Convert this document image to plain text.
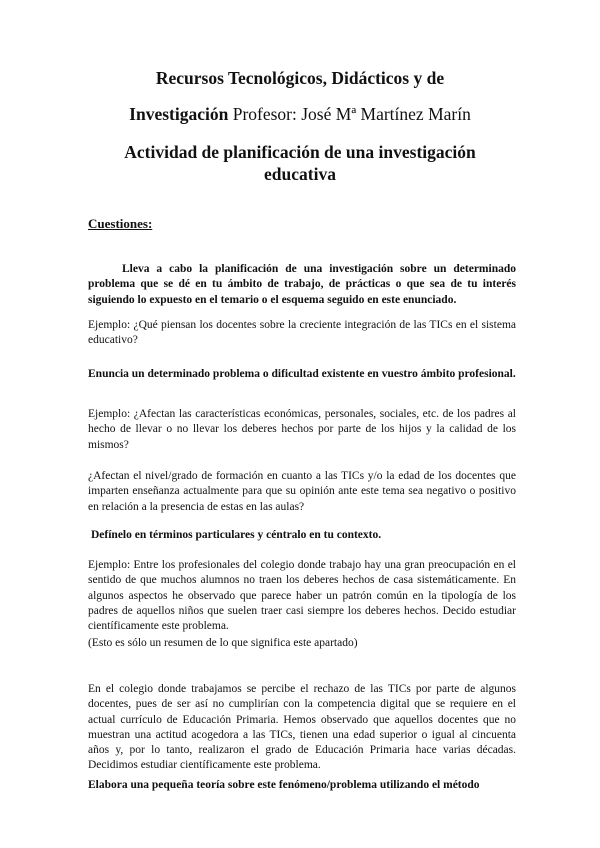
Recursos Tecnológicos, Didácticos y de
Investigación Profesor: José Mª Martínez Marín
Actividad de planificación de una investigación
educativa
Cuestiones:

Lleva a cabo la planificación de una investigación sobre un determinado problema que se dé en tu ámbito de trabajo, de prácticas o que sea de tu interés siguiendo lo expuesto en el temario o el esquema seguido en este enunciado.

Ejemplo: ¿Qué piensan los docentes sobre la creciente integración de las TICs en el sistema educativo?

Enuncia un determinado problema o dificultad existente en vuestro ámbito profesional.

Ejemplo: ¿Afectan las características económicas, personales, sociales, etc. de los padres al hecho de llevar o no llevar los deberes hechos por parte de los hijos y la calidad de los mismos?

¿Afectan el nivel/grado de formación en cuanto a las TICs y/o la edad de los docentes que imparten enseñanza actualmente para que su opinión ante este tema sea negativo o positivo en relación a la presencia de estas en las aulas?

Defínelo en términos particulares y céntralo en tu contexto.

Ejemplo: Entre los profesionales del colegio donde trabajo hay una gran preocupación en el sentido de que muchos alumnos no traen los deberes hechos de casa sistemáticamente. En algunos aspectos he observado que parece haber un patrón común en la tipología de los padres de aquellos niños que suelen traer casi siempre los deberes hechos. Decido estudiar científicamente este problema.

(Esto es sólo un resumen de lo que significa este apartado)

En el colegio donde trabajamos se percibe el rechazo de las TICs por parte de algunos docentes, pues de ser así no cumplirían con la competencia digital que se requiere en el actual currículo de Educación Primaria. Hemos observado que aquellos docentes que no muestran una actitud acogedora a las TICs, tienen una edad superior o igual al cincuenta años y, por lo tanto, realizaron el grado de Educación Primaria hace varias décadas. Decidimos estudiar científicamente este problema.

Elabora una pequeña teoría sobre este fenómeno/problema utilizando el método
